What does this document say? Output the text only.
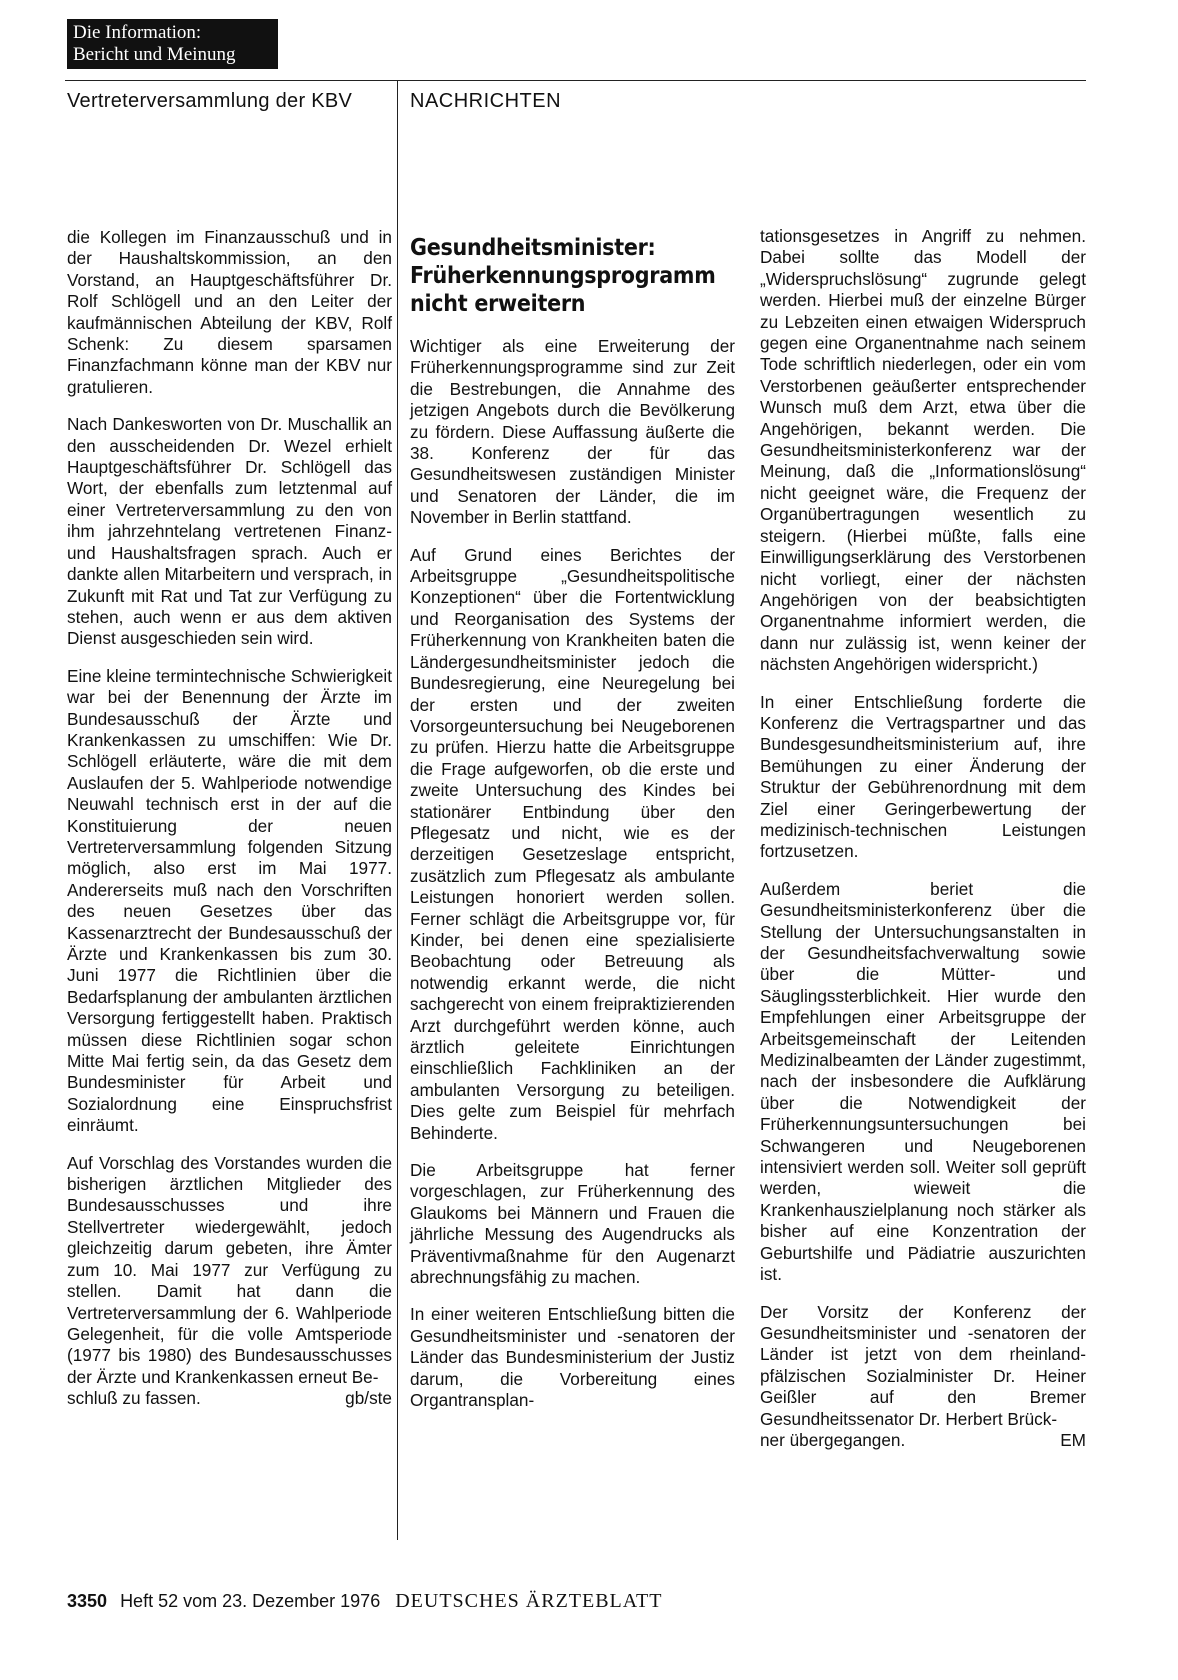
Die Information:
Bericht und Meinung
Vertreterversammlung der KBV	NACHRICHTEN

die Kollegen im Finanzausschuß und in der Haushaltskommission, an den Vorstand, an Hauptgeschäftsführer Dr. Rolf Schlögell und an den Leiter der kaufmännischen Abteilung der KBV, Rolf Schenk: Zu diesem sparsamen Finanzfachmann könne man der KBV nur gratulieren.

Nach Dankesworten von Dr. Muschallik an den ausscheidenden Dr. Wezel erhielt Hauptgeschäftsführer Dr. Schlögell das Wort, der ebenfalls zum letztenmal auf einer Vertreterversammlung zu den von ihm jahrzehntelang vertretenen Finanz- und Haushaltsfragen sprach. Auch er dankte allen Mitarbeitern und versprach, in Zukunft mit Rat und Tat zur Verfügung zu stehen, auch wenn er aus dem aktiven Dienst ausgeschieden sein wird.

Eine kleine termintechnische Schwierigkeit war bei der Benennung der Ärzte im Bundesausschuß der Ärzte und Krankenkassen zu umschiffen: Wie Dr. Schlögell erläuterte, wäre die mit dem Auslaufen der 5. Wahlperiode notwendige Neuwahl technisch erst in der auf die Konstituierung der neuen Vertreterversammlung folgenden Sitzung möglich, also erst im Mai 1977. Andererseits muß nach den Vorschriften des neuen Gesetzes über das Kassenarztrecht der Bundesausschuß der Ärzte und Krankenkassen bis zum 30. Juni 1977 die Richtlinien über die Bedarfsplanung der ambulanten ärztlichen Versorgung fertiggestellt haben. Praktisch müssen diese Richtlinien sogar schon Mitte Mai fertig sein, da das Gesetz dem Bundesminister für Arbeit und Sozialordnung eine Einspruchsfrist einräumt.

Auf Vorschlag des Vorstandes wurden die bisherigen ärztlichen Mitglieder des Bundesausschusses und ihre Stellvertreter wiedergewählt, jedoch gleichzeitig darum gebeten, ihre Ämter zum 10. Mai 1977 zur Verfügung zu stellen. Damit hat dann die Vertreterversammlung der 6. Wahlperiode Gelegenheit, für die volle Amtsperiode (1977 bis 1980) des Bundesausschusses der Ärzte und Krankenkassen erneut Be-

schluß zu fassen.	gb/ste
Gesundheitsminister:
Früherkennungsprogramm
nicht erweitern

Wichtiger als eine Erweiterung der Früherkennungsprogramme sind zur Zeit die Bestrebungen, die Annahme des jetzigen Angebots durch die Bevölkerung zu fördern. Diese Auffassung äußerte die 38. Konferenz der für das Gesundheitswesen zuständigen Minister und Senatoren der Länder, die im November in Berlin stattfand.

Auf Grund eines Berichtes der Arbeitsgruppe „Gesundheitspolitische Konzeptionen“ über die Fortentwicklung und Reorganisation des Systems der Früherkennung von Krankheiten baten die Ländergesundheitsminister jedoch die Bundesregierung, eine Neuregelung bei der ersten und der zweiten Vorsorgeuntersuchung bei Neugeborenen zu prüfen. Hierzu hatte die Arbeitsgruppe die Frage aufgeworfen, ob die erste und zweite Untersuchung des Kindes bei stationärer Entbindung über den Pflegesatz und nicht, wie es der derzeitigen Gesetzeslage entspricht, zusätzlich zum Pflegesatz als ambulante Leistungen honoriert werden sollen. Ferner schlägt die Arbeitsgruppe vor, für Kinder, bei denen eine spezialisierte Beobachtung oder Betreuung als notwendig erkannt werde, die nicht sachgerecht von einem freipraktizierenden Arzt durchgeführt werden könne, auch ärztlich geleitete Einrichtungen einschließlich Fachkliniken an der ambulanten Versorgung zu beteiligen. Dies gelte zum Beispiel für mehrfach Behinderte.

Die Arbeitsgruppe hat ferner vorgeschlagen, zur Früherkennung des Glaukoms bei Männern und Frauen die jährliche Messung des Augendrucks als Präventivmaßnahme für den Augenarzt abrechnungsfähig zu machen.

In einer weiteren Entschließung bitten die Gesundheitsminister und -senatoren der Länder das Bundesministerium der Justiz darum, die Vorbereitung eines Organtransplan-

tationsgesetzes in Angriff zu nehmen. Dabei sollte das Modell der „Widerspruchslösung“ zugrunde gelegt werden. Hierbei muß der einzelne Bürger zu Lebzeiten einen etwaigen Widerspruch gegen eine Organentnahme nach seinem Tode schriftlich niederlegen, oder ein vom Verstorbenen geäußerter entsprechender Wunsch muß dem Arzt, etwa über die Angehörigen, bekannt werden. Die Gesundheitsministerkonferenz war der Meinung, daß die „Informationslösung“ nicht geeignet wäre, die Frequenz der Organübertragungen wesentlich zu steigern. (Hierbei müßte, falls eine Einwilligungserklärung des Verstorbenen nicht vorliegt, einer der nächsten Angehörigen von der beabsichtigten Organentnahme informiert werden, die dann nur zulässig ist, wenn keiner der nächsten Angehörigen widerspricht.)

In einer Entschließung forderte die Konferenz die Vertragspartner und das Bundesgesundheitsministerium auf, ihre Bemühungen zu einer Änderung der Struktur der Gebührenordnung mit dem Ziel einer Geringerbewertung der medizinisch-technischen Leistungen fortzusetzen.

Außerdem beriet die Gesundheitsministerkonferenz über die Stellung der Untersuchungsanstalten in der Gesundheitsfachverwaltung sowie über die Mütter- und Säuglingssterblichkeit. Hier wurde den Empfehlungen einer Arbeitsgruppe der Arbeitsgemeinschaft der Leitenden Medizinalbeamten der Länder zugestimmt, nach der insbesondere die Aufklärung über die Notwendigkeit der Früherkennungsuntersuchungen bei Schwangeren und Neugeborenen intensiviert werden soll. Weiter soll geprüft werden, wieweit die Krankenhauszielplanung noch stärker als bisher auf eine Konzentration der Geburtshilfe und Pädiatrie auszurichten ist.

Der Vorsitz der Konferenz der Gesundheitsminister und -senatoren der Länder ist jetzt von dem rheinland-pfälzischen Sozialminister Dr. Heiner Geißler auf den Bremer Gesundheitssenator Dr. Herbert Brück-

ner übergegangen.	EM
3350 Heft 52 vom 23. Dezember 1976 DEUTSCHES ÄRZTEBLATT
